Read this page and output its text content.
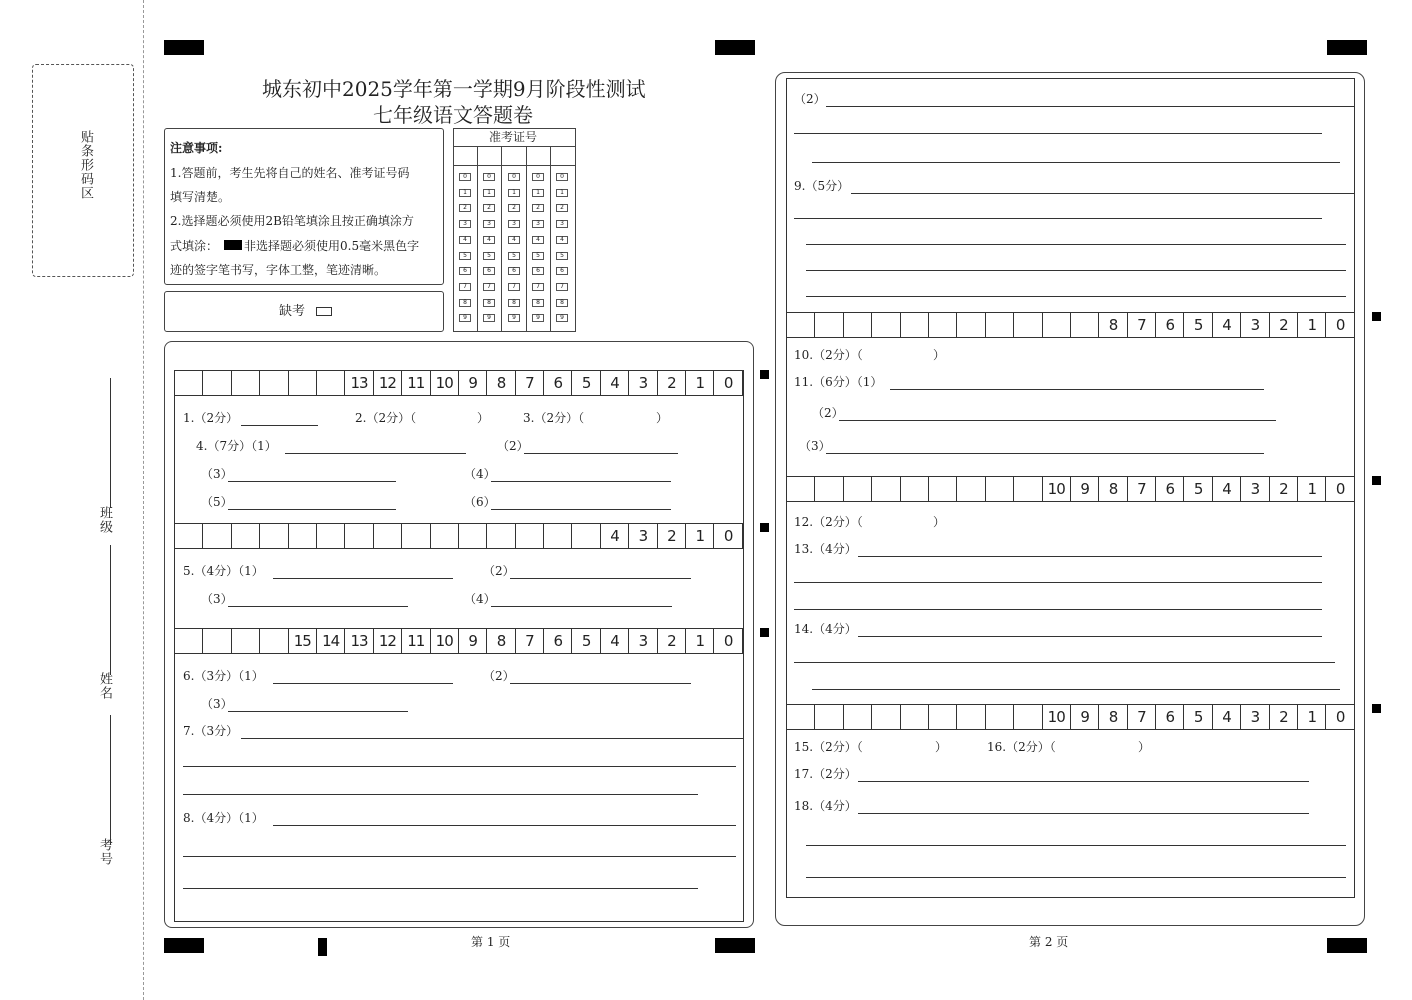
贴条形码区
班级
姓名
考号
城东初中2025学年第一学期9月阶段性测试
七年级语文答题卷
注意事项:
1.答题前，考生先将自己的姓名、准考证号码
填写清楚。
2.选择题必须使用2B铅笔填涂且按正确填涂方
式填涂： 非选择题必须使用0.5毫米黑色字
迹的签字笔书写，字体工整，笔迹清晰。
缺考
准考证号
0	0	0	0	0
1	1	1	1	1
2	2	2	2	2
3	3	3	3	3
4	4	4	4	4
5	5	5	5	5
6	6	6	6	6
7	7	7	7	7
8	8	8	8	8
9	9	9	9	9
13 12 11 10	9	8	7	6	5	4	3	2	1	0
1.（2分）	2.（2分）（	）	3.（2分）（	）
4.（7分）（1）	（2）
（3）	（4）
（5）	（6）
4	3	2	1	0
5.（4分）（1）	（2）
（3）	（4）
15 14 13 12 11 10	9	8	7	6	5	4	3	2	1	0
6.（3分）（1）	（2）
（3）
7.（3分）
8.（4分）（1）
第 1 页
（2）
9.（5分）
8	7	6	5	4	3	2	1	0
10.（2分）（	）
11.（6分）（1）
（2）
（3）
10	9	8	7	6	5	4	3	2	1	0
12.（2分）（	）
13.（4分）
14.（4分）
10	9	8	7	6	5	4	3	2	1	0
15.（2分）（	）	16.（2分）（	）
17.（2分）
18.（4分）
第 2 页
